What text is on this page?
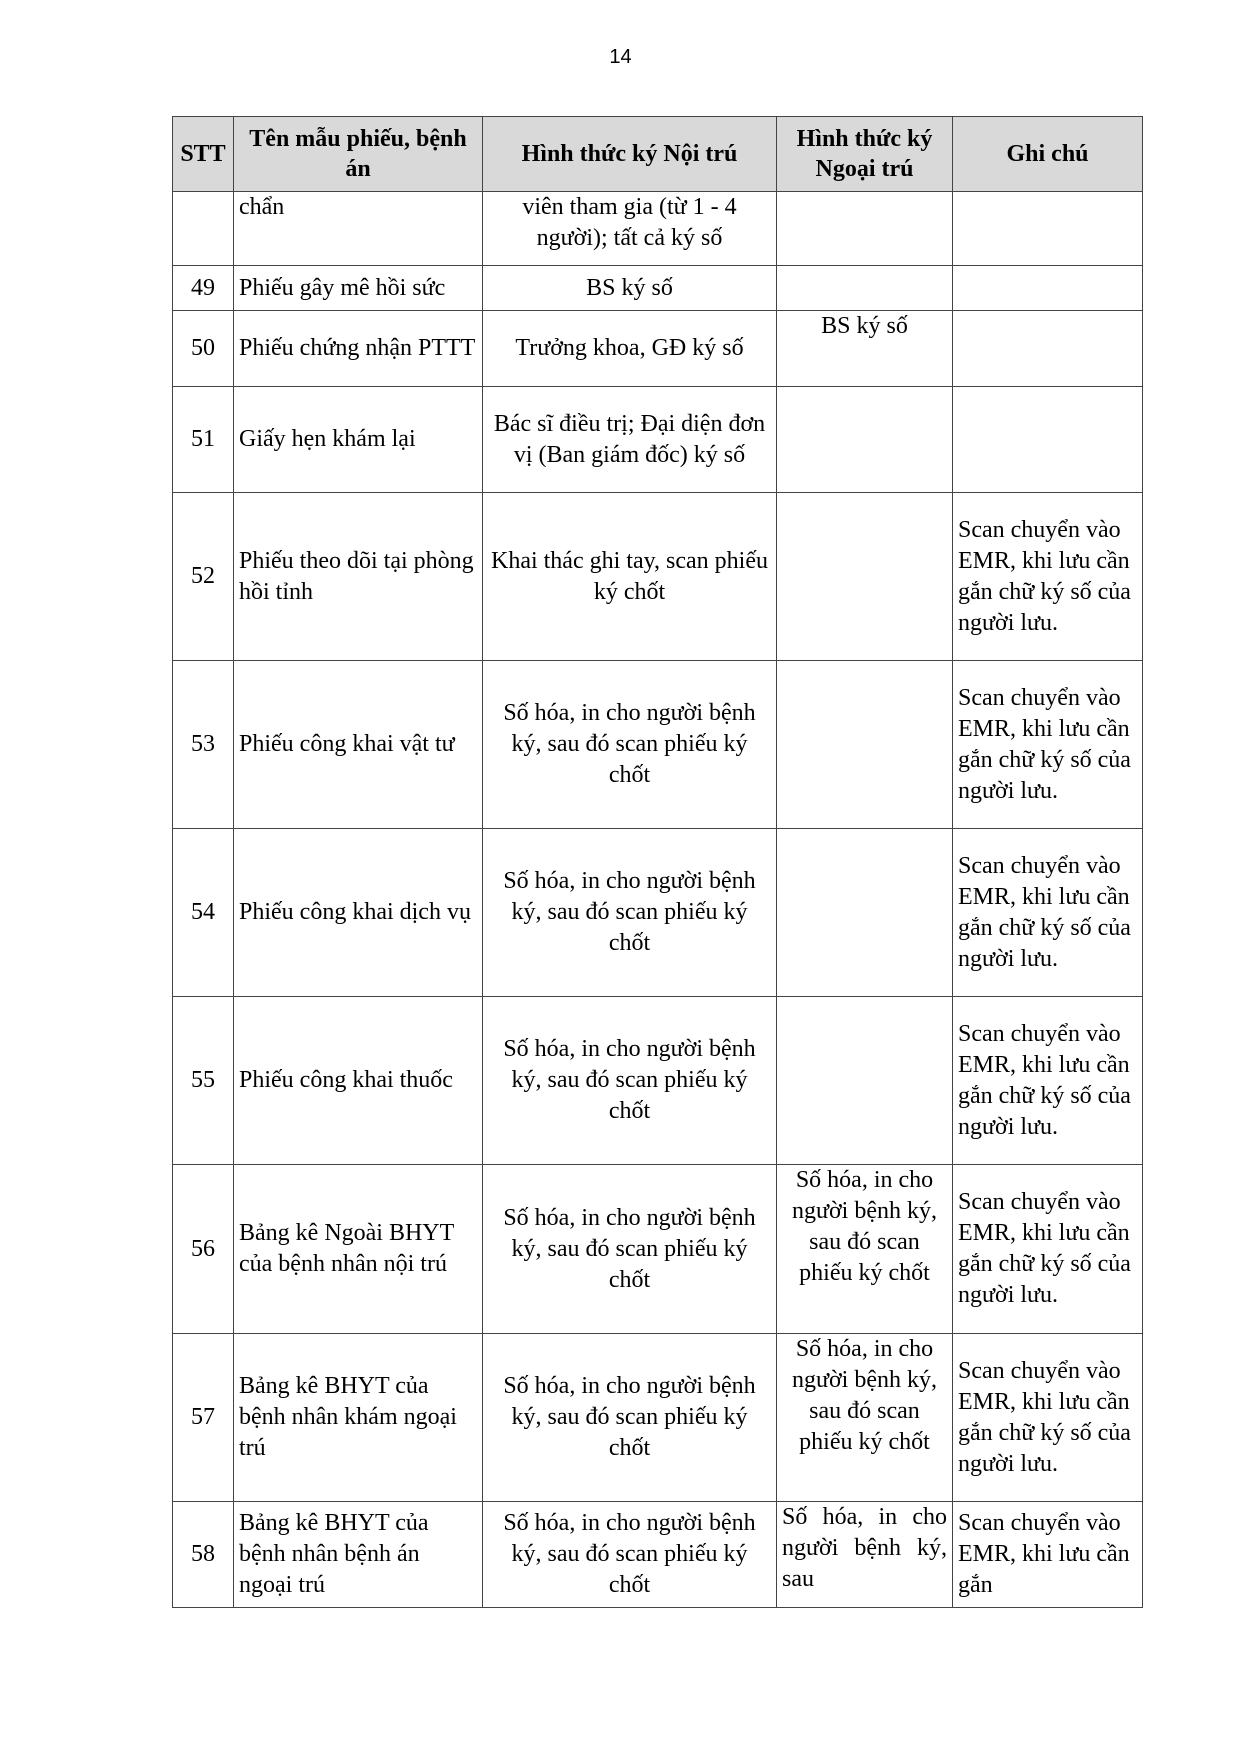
14
STT	Tên mẫu phiếu, bệnh án	Hình thức ký Nội trú	Hình thức ký Ngoại trú	Ghi chú
	chẩn	viên tham gia (từ 1 - 4 người); tất cả ký số		
49	Phiếu gây mê hồi sức	BS ký số		
50	Phiếu chứng nhận PTTT	Trưởng khoa, GĐ ký số	BS ký số	
51	Giấy hẹn khám lại	Bác sĩ điều trị; Đại diện đơn vị (Ban giám đốc) ký số		
52	Phiếu theo dõi tại phòng hồi tỉnh	Khai thác ghi tay, scan phiếu ký chốt		Scan chuyển vào EMR, khi lưu cần gắn chữ ký số của người lưu.
53	Phiếu công khai vật tư	Số hóa, in cho người bệnh ký, sau đó scan phiếu ký chốt		Scan chuyển vào EMR, khi lưu cần gắn chữ ký số của người lưu.
54	Phiếu công khai dịch vụ	Số hóa, in cho người bệnh ký, sau đó scan phiếu ký chốt		Scan chuyển vào EMR, khi lưu cần gắn chữ ký số của người lưu.
55	Phiếu công khai thuốc	Số hóa, in cho người bệnh ký, sau đó scan phiếu ký chốt		Scan chuyển vào EMR, khi lưu cần gắn chữ ký số của người lưu.
56	Bảng kê Ngoài BHYT của bệnh nhân nội trú	Số hóa, in cho người bệnh ký, sau đó scan phiếu ký chốt	Số hóa, in cho người bệnh ký, sau đó scan phiếu ký chốt	Scan chuyển vào EMR, khi lưu cần gắn chữ ký số của người lưu.
57	Bảng kê BHYT của bệnh nhân khám ngoại trú	Số hóa, in cho người bệnh ký, sau đó scan phiếu ký chốt	Số hóa, in cho người bệnh ký, sau đó scan phiếu ký chốt	Scan chuyển vào EMR, khi lưu cần gắn chữ ký số của người lưu.
58	Bảng kê BHYT của bệnh nhân bệnh án ngoại trú	Số hóa, in cho người bệnh ký, sau đó scan phiếu ký chốt	Số hóa, in cho người bệnh ký, sau	Scan chuyển vào EMR, khi lưu cần gắn
